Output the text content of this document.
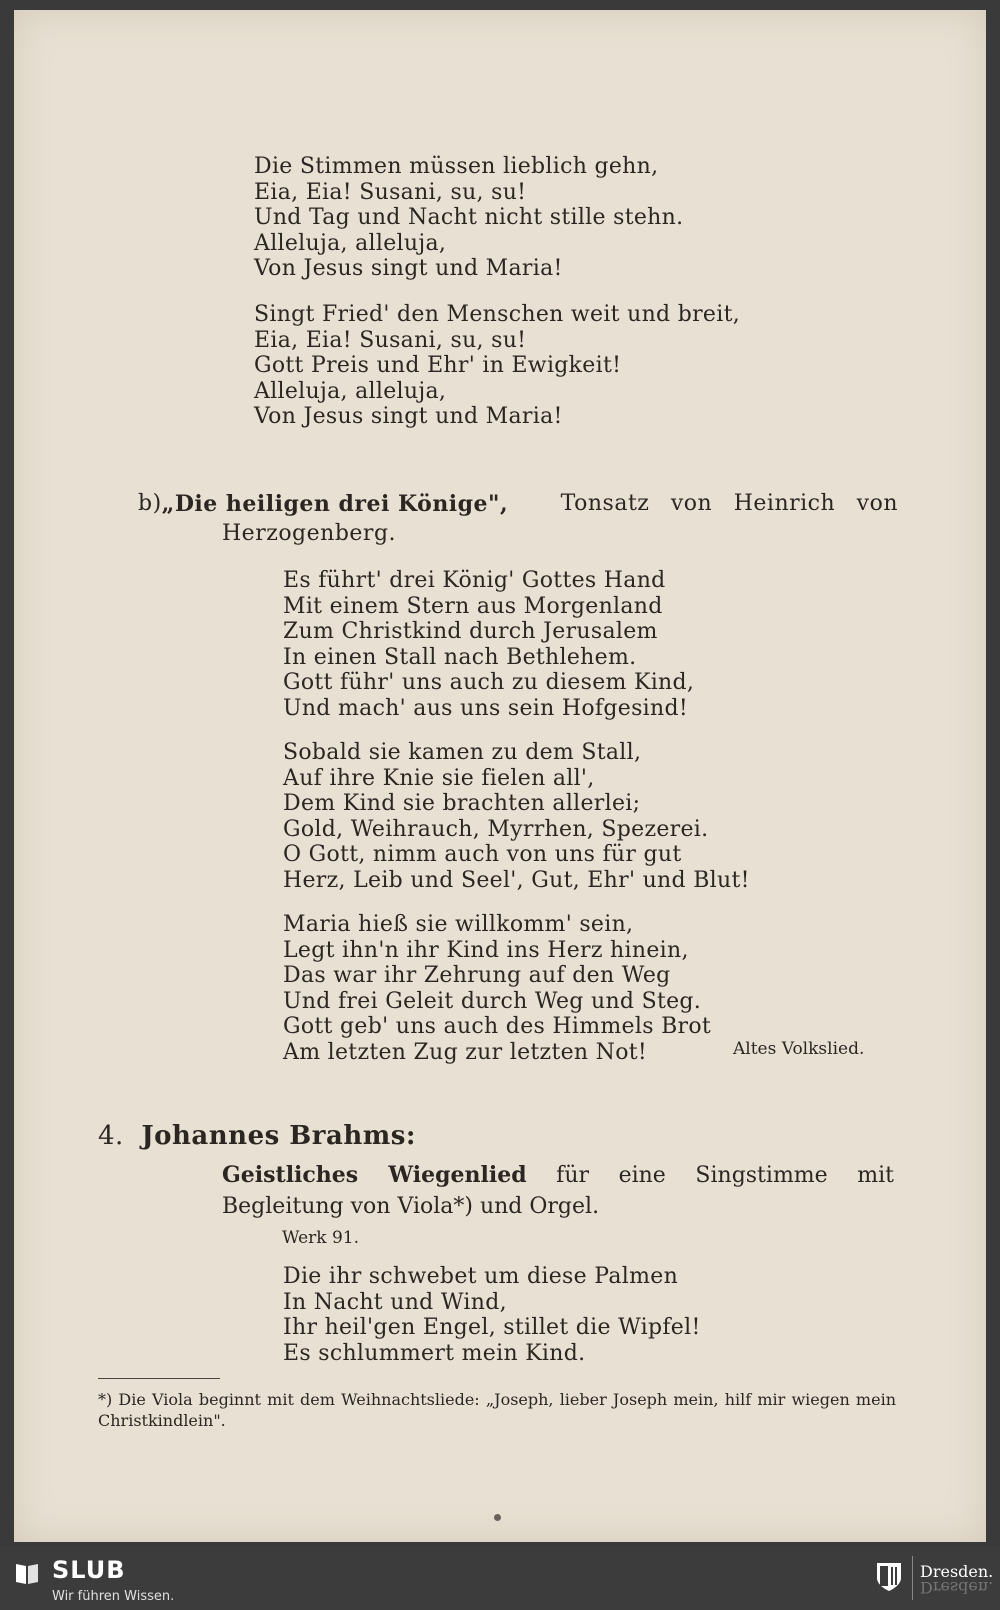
Die Stimmen müssen lieblich gehn,
Eia, Eia! Susani, su, su!
Und Tag und Nacht nicht stille stehn.
Alleluja, alleluja,
Von Jesus singt und Maria!
Singt Fried' den Menschen weit und breit,
Eia, Eia! Susani, su, su!
Gott Preis und Ehr' in Ewigkeit!
Alleluja, alleluja,
Von Jesus singt und Maria!
b) „Die heiligen drei Könige",	Tonsatz von Heinrich von
Herzogenberg.
Es führt' drei König' Gottes Hand
Mit einem Stern aus Morgenland
Zum Christkind durch Jerusalem
In einen Stall nach Bethlehem.
Gott führ' uns auch zu diesem Kind,
Und mach' aus uns sein Hofgesind!
Sobald sie kamen zu dem Stall,
Auf ihre Knie sie fielen all',
Dem Kind sie brachten allerlei;
Gold, Weihrauch, Myrrhen, Spezerei.
O Gott, nimm auch von uns für gut
Herz, Leib und Seel', Gut, Ehr' und Blut!
Maria hieß sie willkomm' sein,
Legt ihn'n ihr Kind ins Herz hinein,
Das war ihr Zehrung auf den Weg
Und frei Geleit durch Weg und Steg.
Gott geb' uns auch des Himmels Brot
Am letzten Zug zur letzten Not!	Altes Volkslied.
4. Johannes Brahms:
Geistliches Wiegenlied für eine Singstimme mit Begleitung von Viola*) und Orgel.
Werk 91.
Die ihr schwebet um diese Palmen
In Nacht und Wind,
Ihr heil'gen Engel, stillet die Wipfel!
Es schlummert mein Kind.
*) Die Viola beginnt mit dem Weihnachtsliede: „Joseph, lieber Joseph mein, hilf mir wiegen mein Christkindlein".
SLUB
Wir führen Wissen.
Dresden.
Dresden.
